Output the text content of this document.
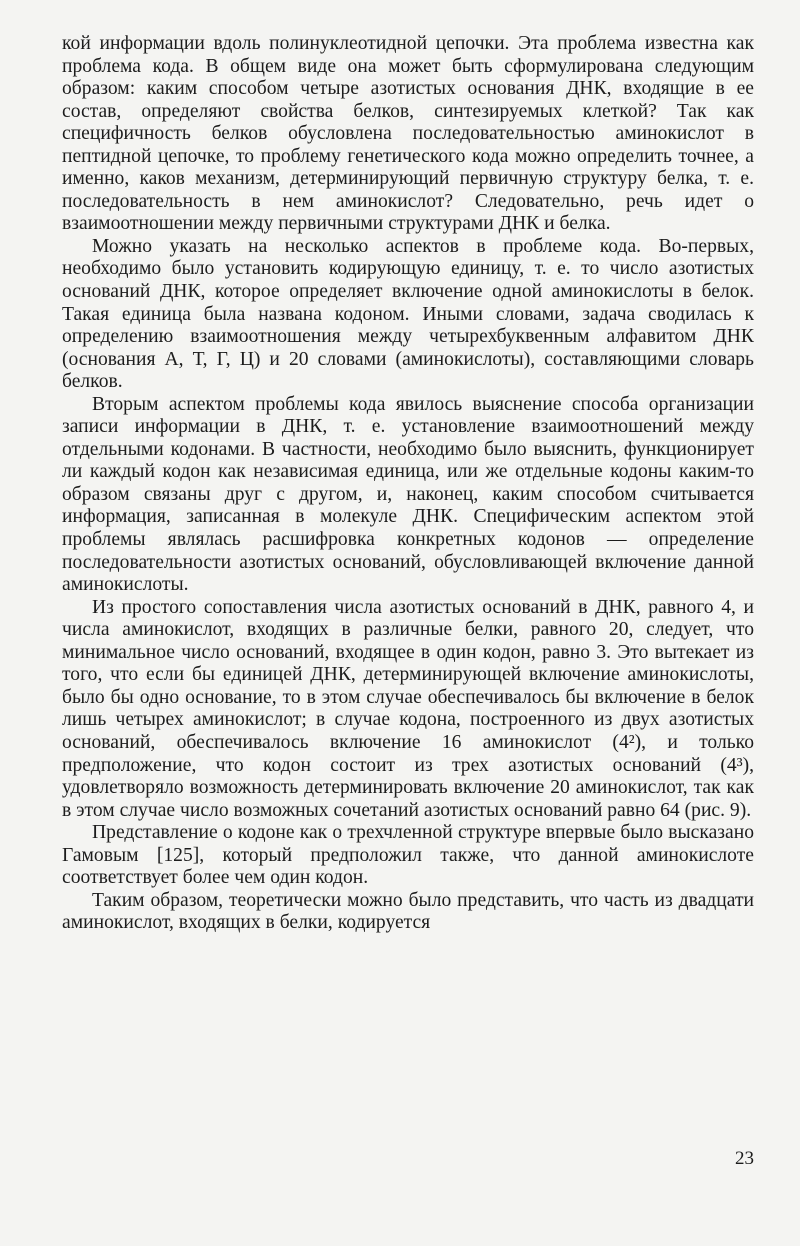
кой информации вдоль полинуклеотидной цепочки. Эта проблема известна как проблема кода. В общем виде она может быть сформулирована следующим образом: каким способом четыре азотистых основания ДНК, входящие в ее состав, определяют свойства белков, синтезируемых клеткой? Так как специфичность белков обусловлена последовательностью аминокислот в пептидной цепочке, то проблему генетического кода можно определить точнее, а именно, каков механизм, детерминирующий первичную структуру белка, т. е. последовательность в нем аминокислот? Следовательно, речь идет о взаимоотношении между первичными структурами ДНК и белка.

Можно указать на несколько аспектов в проблеме кода. Во-первых, необходимо было установить кодирующую единицу, т. е. то число азотистых оснований ДНК, которое определяет включение одной аминокислоты в белок. Такая единица была названа кодоном. Иными словами, задача сводилась к определению взаимоотношения между четырехбуквенным алфавитом ДНК (основания А, Т, Г, Ц) и 20 словами (аминокислоты), составляющими словарь белков.

Вторым аспектом проблемы кода явилось выяснение способа организации записи информации в ДНК, т. е. установление взаимоотношений между отдельными кодонами. В частности, необходимо было выяснить, функционирует ли каждый кодон как независимая единица, или же отдельные кодоны каким-то образом связаны друг с другом, и, наконец, каким способом считывается информация, записанная в молекуле ДНК. Специфическим аспектом этой проблемы являлась расшифровка конкретных кодонов — определение последовательности азотистых оснований, обусловливающей включение данной аминокислоты.

Из простого сопоставления числа азотистых оснований в ДНК, равного 4, и числа аминокислот, входящих в различные белки, равного 20, следует, что минимальное число оснований, входящее в один кодон, равно 3. Это вытекает из того, что если бы единицей ДНК, детерминирующей включение аминокислоты, было бы одно основание, то в этом случае обеспечивалось бы включение в белок лишь четырех аминокислот; в случае кодона, построенного из двух азотистых оснований, обеспечивалось включение 16 аминокислот (4²), и только предположение, что кодон состоит из трех азотистых оснований (4³), удовлетворяло возможность детерминировать включение 20 аминокислот, так как в этом случае число возможных сочетаний азотистых оснований равно 64 (рис. 9).

Представление о кодоне как о трехчленной структуре впервые было высказано Гамовым [125], который предположил также, что данной аминокислоте соответствует более чем один кодон.

Таким образом, теоретически можно было представить, что часть из двадцати аминокислот, входящих в белки, кодируется

23
